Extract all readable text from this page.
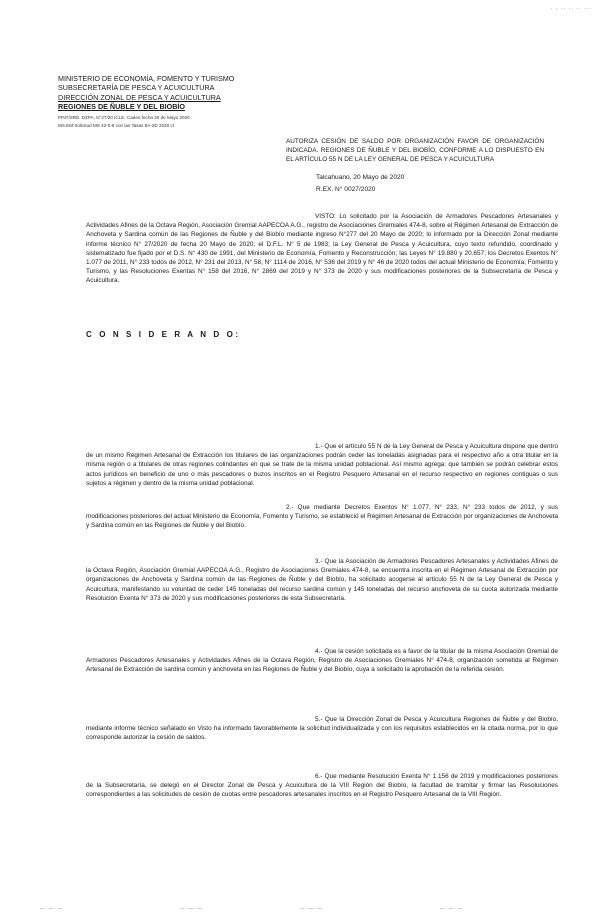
· · ·· ·· ·· ···
MINISTERIO DE ECONOMÍA, FOMENTO Y TURISMO
SUBSECRETARÍA DE PESCA Y ACUICULTURA
DIRECCIÓN ZONAL DE PESCA Y ACUICULTURA
REGIONES DE ÑUBLE Y DEL BIOBÍO
PINT/SRE. DZPA. N°27/20 ICLE. Cadeo fecha 20 de Mayo 2020
MS.EM:Solicitud MS 42-0-8 con las Tasas 6A-2D 2020 cl
AUTORIZA CESIÓN DE SALDO POR ORGANIZACIÓN FAVOR DE ORGANIZACIÓN INDICADA. REGIONES DE ÑUBLE Y DEL BIOBÍO, CONFORME A LO DISPUESTO EN EL ARTÍCULO 55 N DE LA LEY GENERAL DE PESCA Y ACUICULTURA
Talcahuano, 20 Mayo de 2020
R.EX. N° 0027/2020
VISTO: Lo solicitado por la Asociación de Armadores Pescadores Artesanales y Actividades Afines de la Octava Región, Asociación Gremial AAPECOA A.G., registro de Asociaciones Gremiales 474-8, sobre el Régimen Artesanal de Extracción de Anchoveta y Sardina común de las Regiones de Ñuble y del Biobío mediante ingreso N°277 del 20 Mayo de 2020; lo informado por la Dirección Zonal mediante informe técnico N° 27/2020 de fecha 20 Mayo de 2020; el D.F.L. N° 5 de 1983; la Ley General de Pesca y Acuicultura, cuyo texto refundido, coordinado y sistematizado fue fijado por el D.S. N° 430 de 1991, del Ministerio de Economía, Fomento y Reconstrucción; las Leyes N° 19.880 y 20.657; los Decretos Exentos N° 1.077 de 2011, N° 233 todos de 2012, N° 231 del 2013, N° 58, N° 1114 de 2016, N° 536 del 2019 y N° 46 de 2020 todos del actual Ministerio de Economía, Fomento y Turismo, y las Resoluciones Exentas N° 158 del 2016, N° 2869 del 2019 y N° 373 de 2020 y sus modificaciones posteriores de la Subsecretaría de Pesca y Acuicultura.
C O N S I D E R A N D O:
1.- Que el artículo 55 N de la Ley General de Pesca y Acuicultura dispone que dentro de un mismo Régimen Artesanal de Extracción los titulares de las organizaciones podrán ceder las toneladas asignadas para el respectivo año a otra titular en la misma región o a titulares de otras regiones colindantes en que se trate de la misma unidad poblacional. Así mismo agrega: que también se podrán celebrar estos actos jurídicos en beneficio de uno o más pescadores o buzos inscritos en el Registro Pesquero Artesanal en el recurso respectivo en regiones contiguas o sus sujetos a régimen y dentro de la misma unidad poblacional.
2.- Que mediante Decretos Exentos N° 1.077, N° 233, N° 233 todos de 2012, y sus modificaciones posteriores del actual Ministerio de Economía, Fomento y Turismo, se estableció el Régimen Artesanal de Extracción por organizaciones de Anchoveta y Sardina común en las Regiones de Ñuble y del Biobío.
3.- Que la Asociación de Armadores Pescadores Artesanales y Actividades Afines de la Octava Región, Asociación Gremial AAPECOA A.G., Registro de Asociaciones Gremiales 474-8, se encuentra inscrita en el Régimen Artesanal de Extracción por organizaciones de Anchoveta y Sardina común de las Regiones de Ñuble y del Biobío, ha solicitado acogerse al artículo 55 N de la Ley General de Pesca y Acuicultura, manifestando su voluntad de ceder 145 toneladas del recurso sardina común y 145 toneladas del recurso anchoveta de su cuota autorizada mediante Resolución Exenta N° 373 de 2020 y sus modificaciones posteriores de esta Subsecretaría.
4.- Que la cesión solicitada es a favor de la titular de la misma Asociación Gremial de Armadores Pescadores Artesanales y Actividades Afines de la Octava Región, Registro de Asociaciones Gremiales N° 474-8, organización sometida al Régimen Artesanal de Extracción de sardina común y anchoveta en las Regiones de Ñuble y del Biobío, cuya a solicitado la aprobación de la referida cesión.
5.- Que la Dirección Zonal de Pesca y Acuicultura Regiones de Ñuble y del Biobío, mediante informe técnico señalado en Visto ha informado favorablemente la solicitud individualizada y con los requisitos establecidos en la citada norma, por lo que corresponde autorizar la cesión de saldos.
6.- Que mediante Resolución Exenta N° 1.156 de 2019 y modificaciones posteriores de la Subsecretaría, se delegó en el Director Zonal de Pesca y Acuicultura de la VIII Región del Biobío, la facultad de tramitar y firmar las Resoluciones correspondientes a las solicitudes de cesión de cuotas entre pescadores artesanales inscritos en el Registro Pesquero Artesanal de la VIII Región.
— · — · —	— · — · —	— · — · —	— · — · —
